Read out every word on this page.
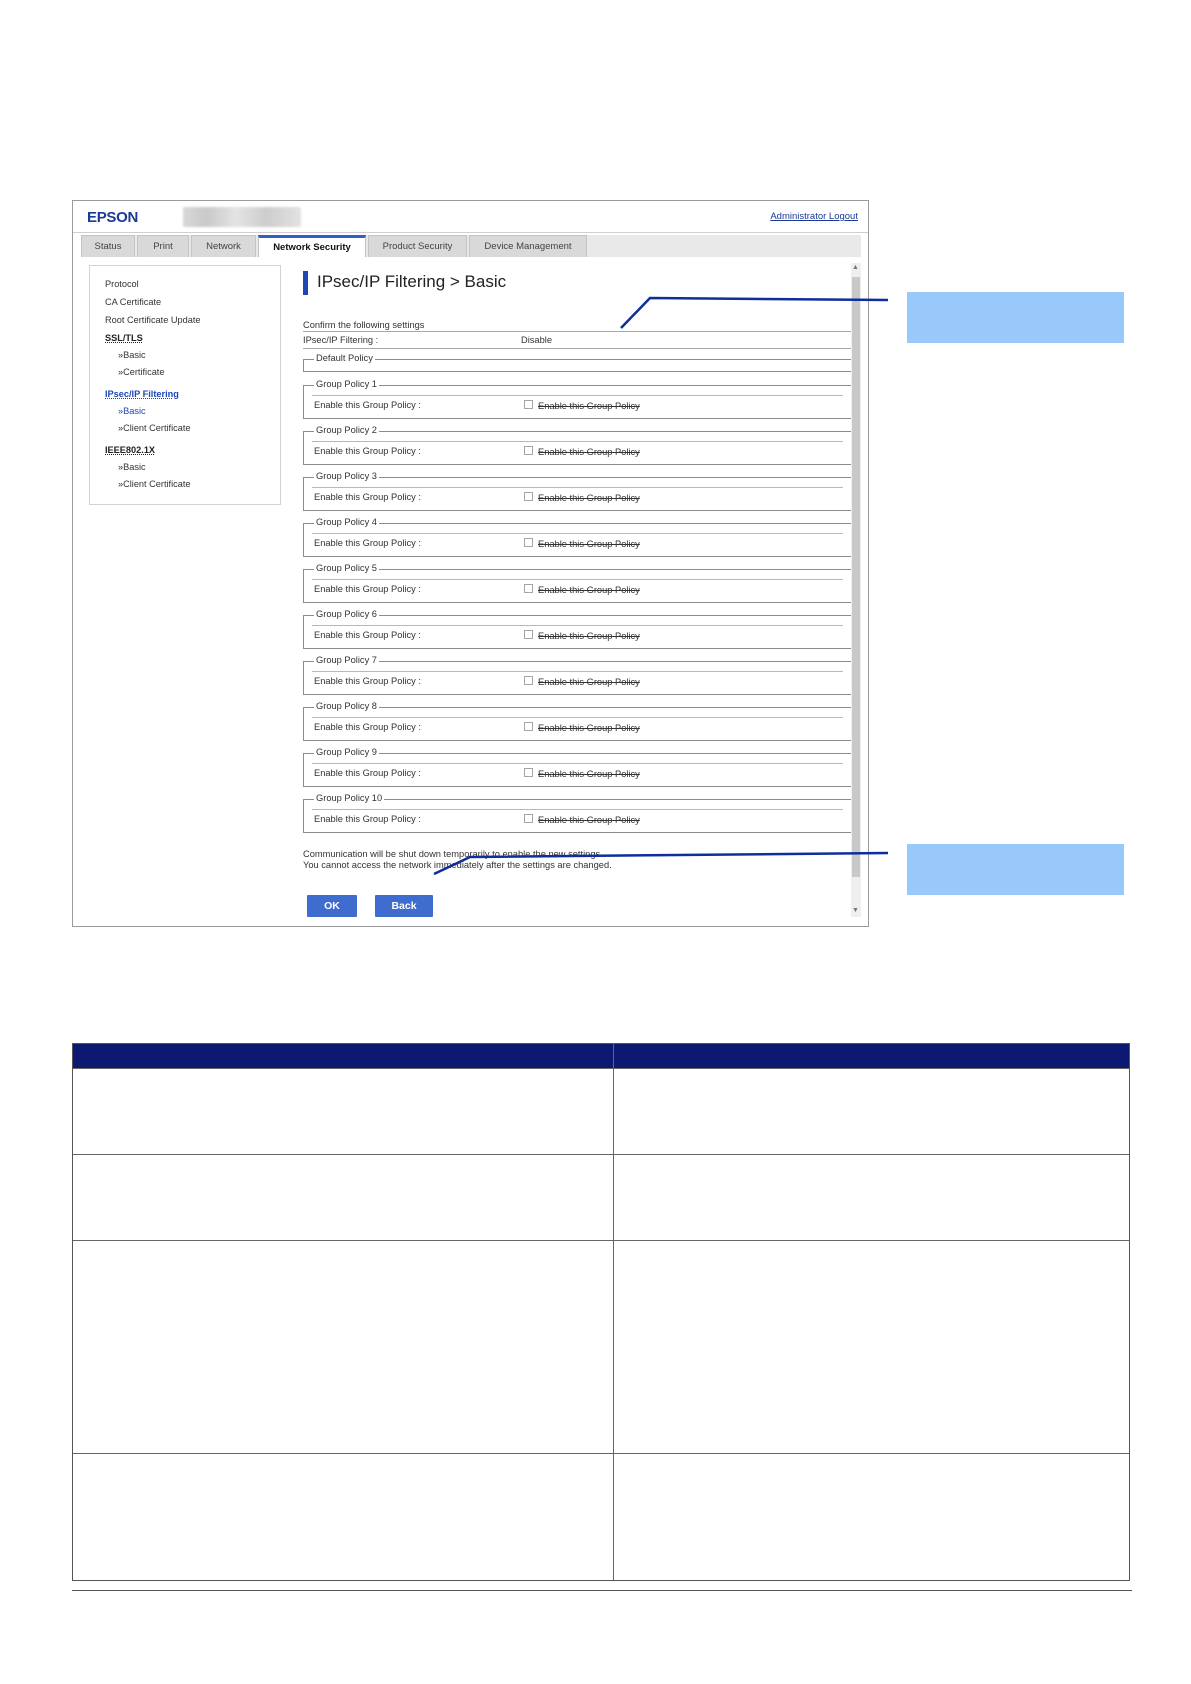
EPSON	Administrator Logout
Status	Print	Network	Network Security	Product Security	Device Management
Protocol
CA Certificate
Root Certificate Update
SSL/TLS
»Basic
»Certificate
IPsec/IP Filtering
»Basic
»Client Certificate
IEEE802.1X
»Basic
»Client Certificate
IPsec/IP Filtering > Basic
Confirm the following settings
IPsec/IP Filtering :	Disable
Default Policy
Group Policy 1
Enable this Group Policy :	Enable this Group Policy
Group Policy 2
Enable this Group Policy :	Enable this Group Policy
Group Policy 3
Enable this Group Policy :	Enable this Group Policy
Group Policy 4
Enable this Group Policy :	Enable this Group Policy
Group Policy 5
Enable this Group Policy :	Enable this Group Policy
Group Policy 6
Enable this Group Policy :	Enable this Group Policy
Group Policy 7
Enable this Group Policy :	Enable this Group Policy
Group Policy 8
Enable this Group Policy :	Enable this Group Policy
Group Policy 9
Enable this Group Policy :	Enable this Group Policy
Group Policy 10
Enable this Group Policy :	Enable this Group Policy
Communication will be shut down temporarily to enable the new settings.
You cannot access the network immediately after the settings are changed.
OK	Back
▲
▼
